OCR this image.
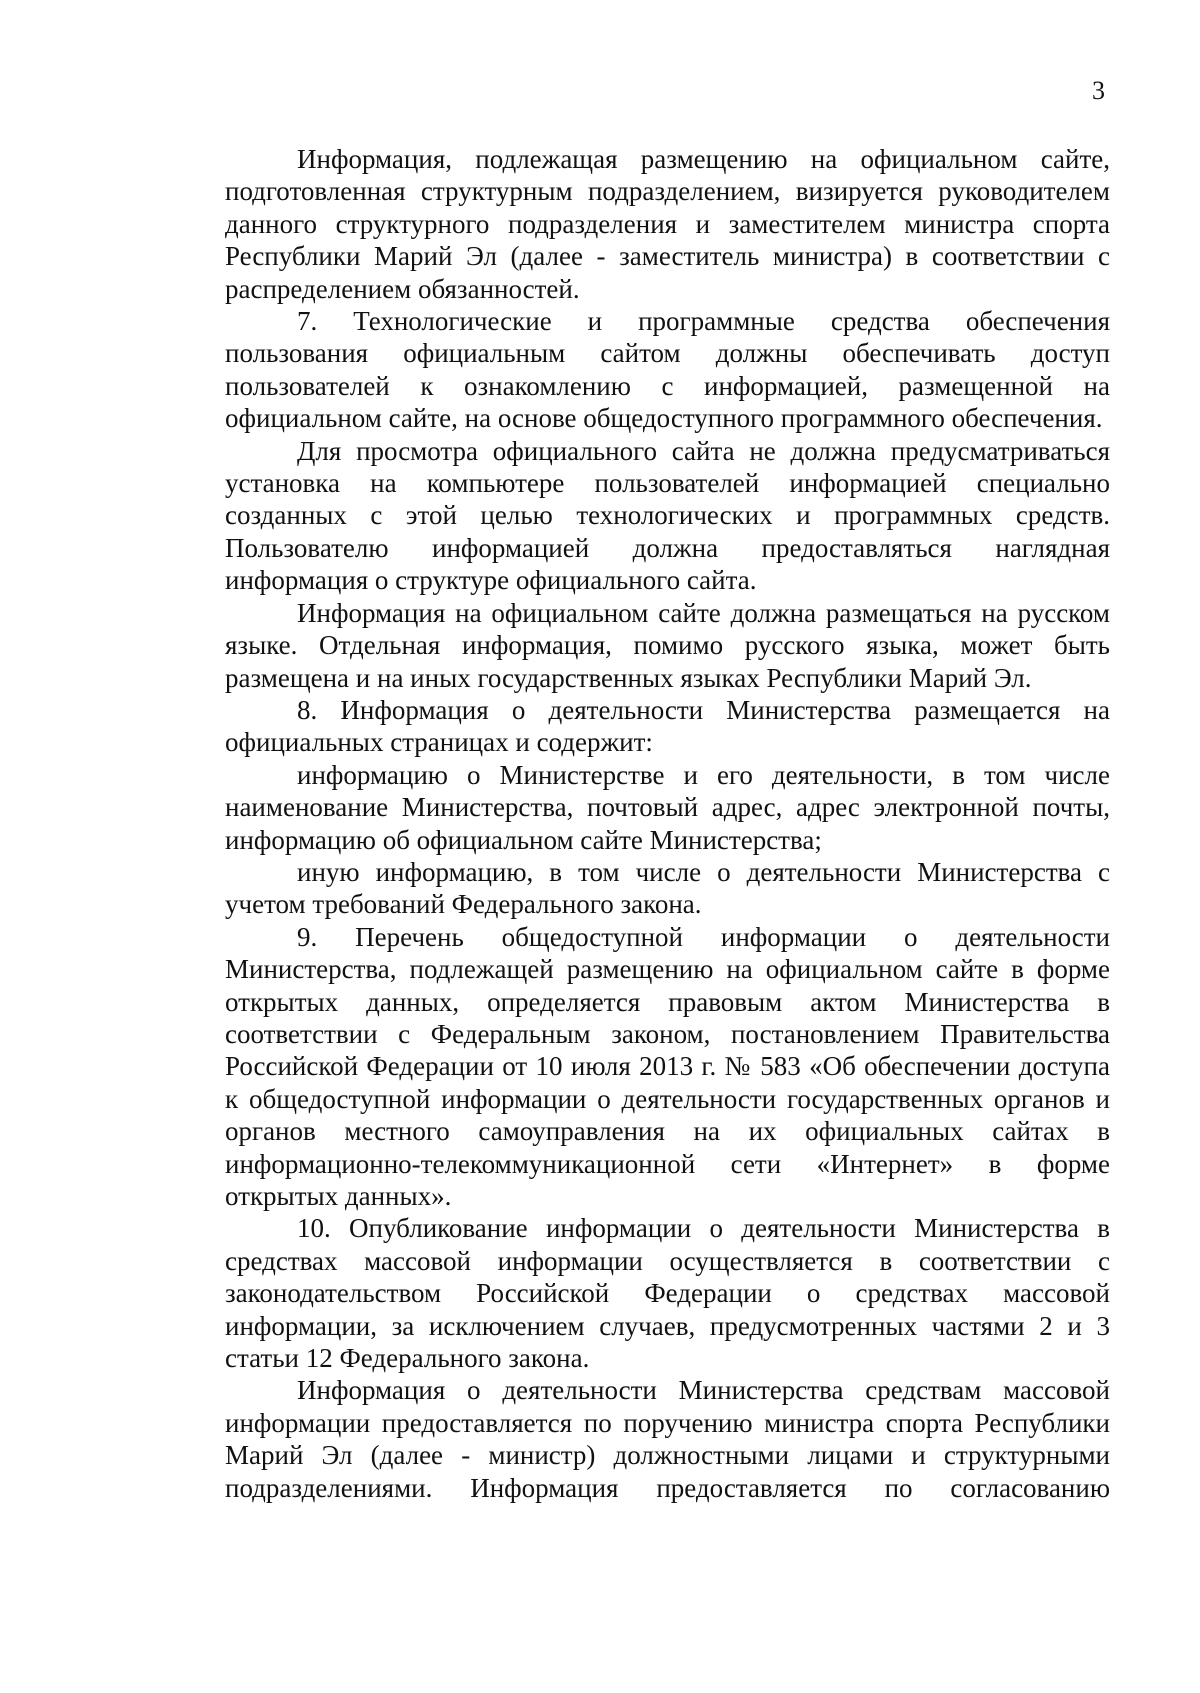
3

Информация, подлежащая размещению на официальном сайте, подготовленная структурным подразделением, визируется руководителем данного структурного подразделения и заместителем министра спорта Республики Марий Эл (далее - заместитель министра) в соответствии с распределением обязанностей.

7. Технологические и программные средства обеспечения пользования официальным сайтом должны обеспечивать доступ пользователей к ознакомлению с информацией, размещенной на официальном сайте, на основе общедоступного программного обеспечения.

Для просмотра официального сайта не должна предусматриваться установка на компьютере пользователей информацией специально созданных с этой целью технологических и программных средств. Пользователю информацией должна предоставляться наглядная информация о структуре официального сайта.

Информация на официальном сайте должна размещаться на русском языке. Отдельная информация, помимо русского языка, может быть размещена и на иных государственных языках Республики Марий Эл.

8. Информация о деятельности Министерства размещается на официальных страницах и содержит:

информацию о Министерстве и его деятельности, в том числе наименование Министерства, почтовый адрес, адрес электронной почты, информацию об официальном сайте Министерства;

иную информацию, в том числе о деятельности Министерства с учетом требований Федерального закона.

9. Перечень общедоступной информации о деятельности Министерства, подлежащей размещению на официальном сайте в форме открытых данных, определяется правовым актом Министерства в соответствии с Федеральным законом, постановлением Правительства Российской Федерации от 10 июля 2013 г. № 583 «Об обеспечении доступа к общедоступной информации о деятельности государственных органов и органов местного самоуправления на их официальных сайтах в информационно-телекоммуникационной сети «Интернет» в форме открытых данных».

10. Опубликование информации о деятельности Министерства в средствах массовой информации осуществляется в соответствии с законодательством Российской Федерации о средствах массовой информации, за исключением случаев, предусмотренных частями 2 и 3 статьи 12 Федерального закона.

Информация о деятельности Министерства средствам массовой информации предоставляется по поручению министра спорта Республики Марий Эл (далее - министр) должностными лицами и структурными подразделениями. Информация предоставляется по согласованию
